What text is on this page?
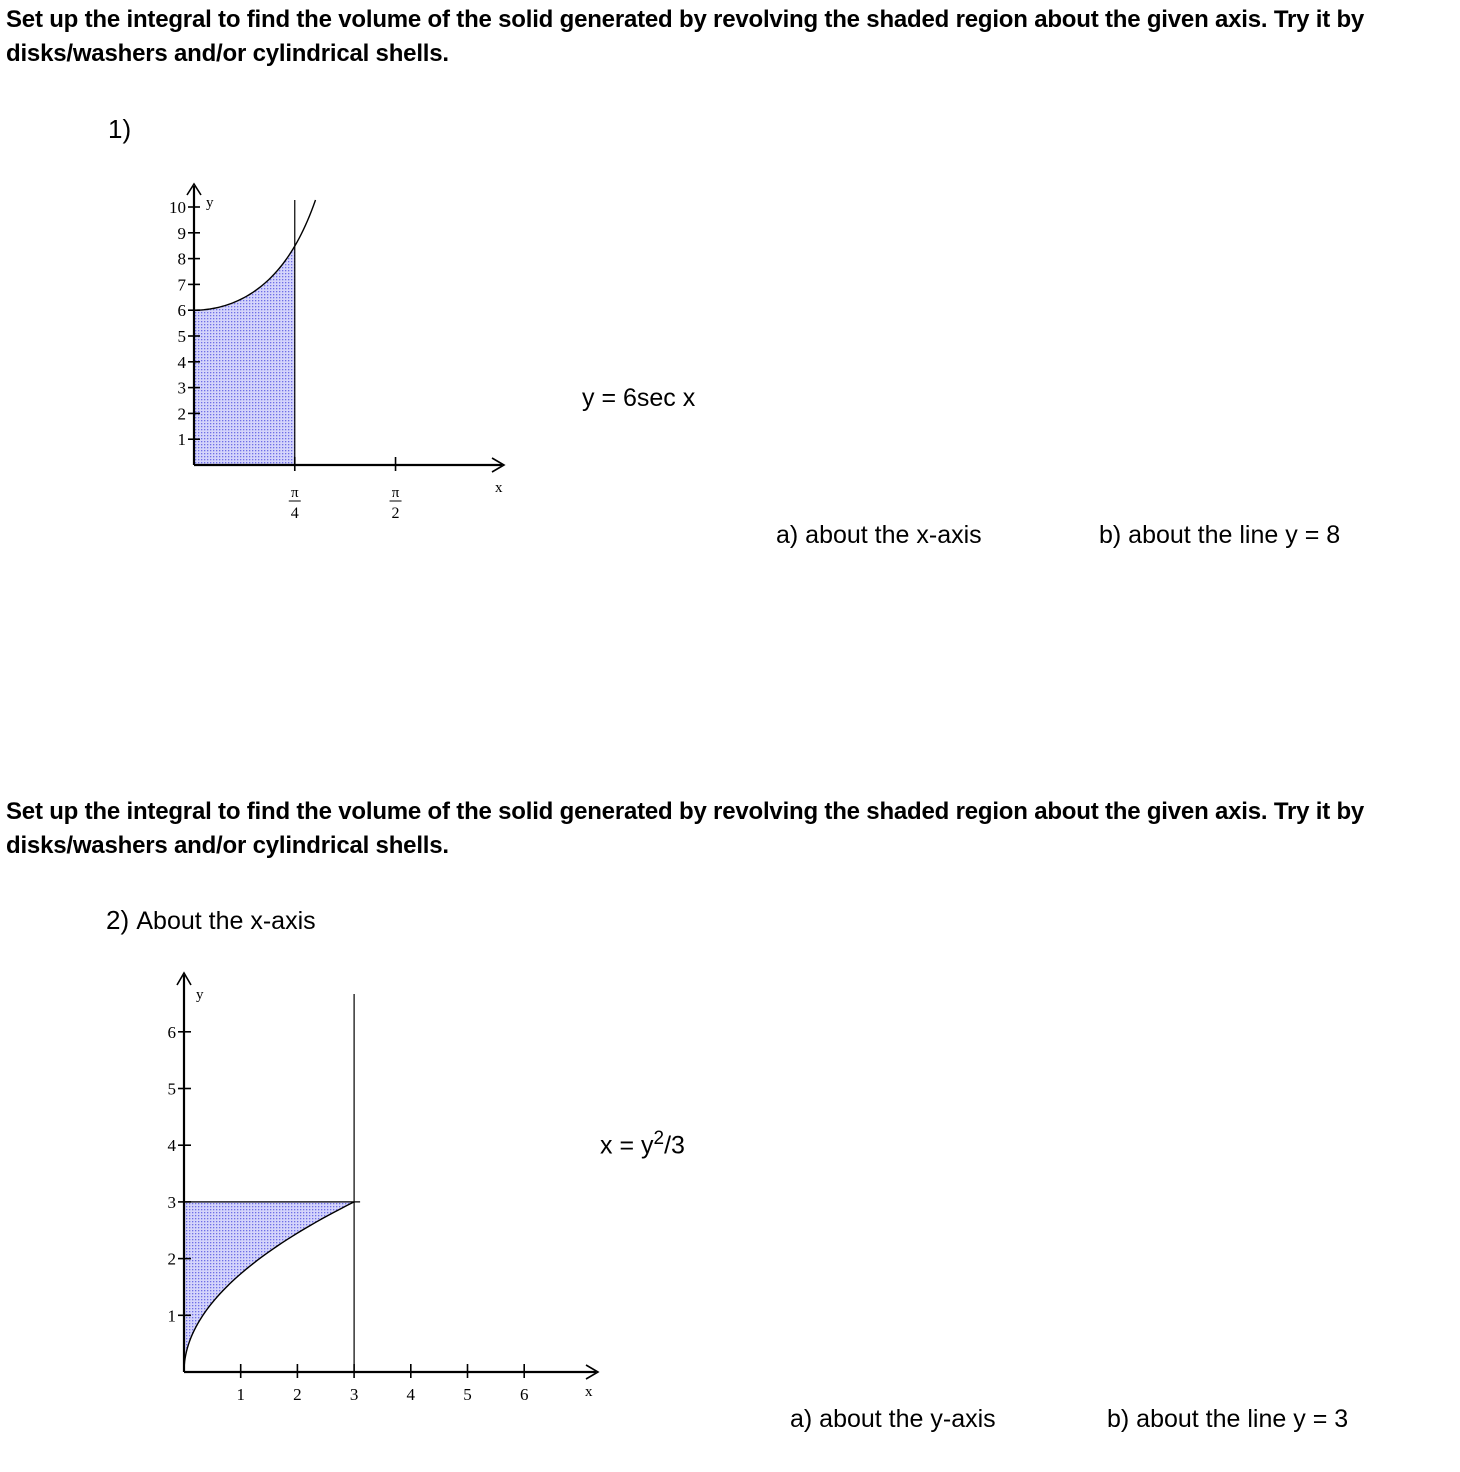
Set up the integral to find the volume of the solid generated by revolving the shaded region about the given axis. Try it by disks/washers and/or cylindrical shells.

1)
y
x
1
2
3
4
5
6
7
8
9
10
π
4
π
2
y = 6sec x
a) about the x-axis	b) about the line y = 8

Set up the integral to find the volume of the solid generated by revolving the shaded region about the given axis. Try it by disks/washers and/or cylindrical shells.

2) About the x-axis
y
x
1
2
3
4
5
6
1	2	3	4	5	6
$x = y^2/3$
a) about the y-axis	b) about the line y = 3
